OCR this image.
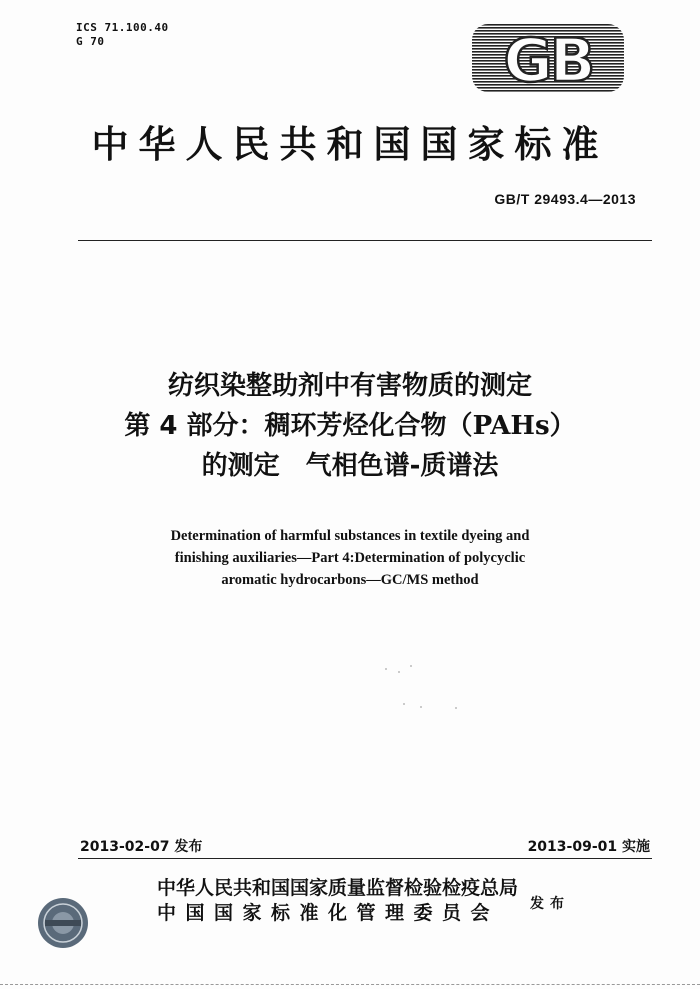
ICS 71.100.40
G 70	GB
中华人民共和国国家标准
GB/T 29493.4—2013
纺织染整助剂中有害物质的测定
第 4 部分：稠环芳烃化合物（PAHs）
的测定　气相色谱-质谱法
Determination of harmful substances in textile dyeing and
finishing auxiliaries—Part 4:Determination of polycyclic
aromatic hydrocarbons—GC/MS method
2013-02-07 发布	2013-09-01 实施
中华人民共和国国家质量监督检验检疫总局
中国国家标准化管理委员会	发布
